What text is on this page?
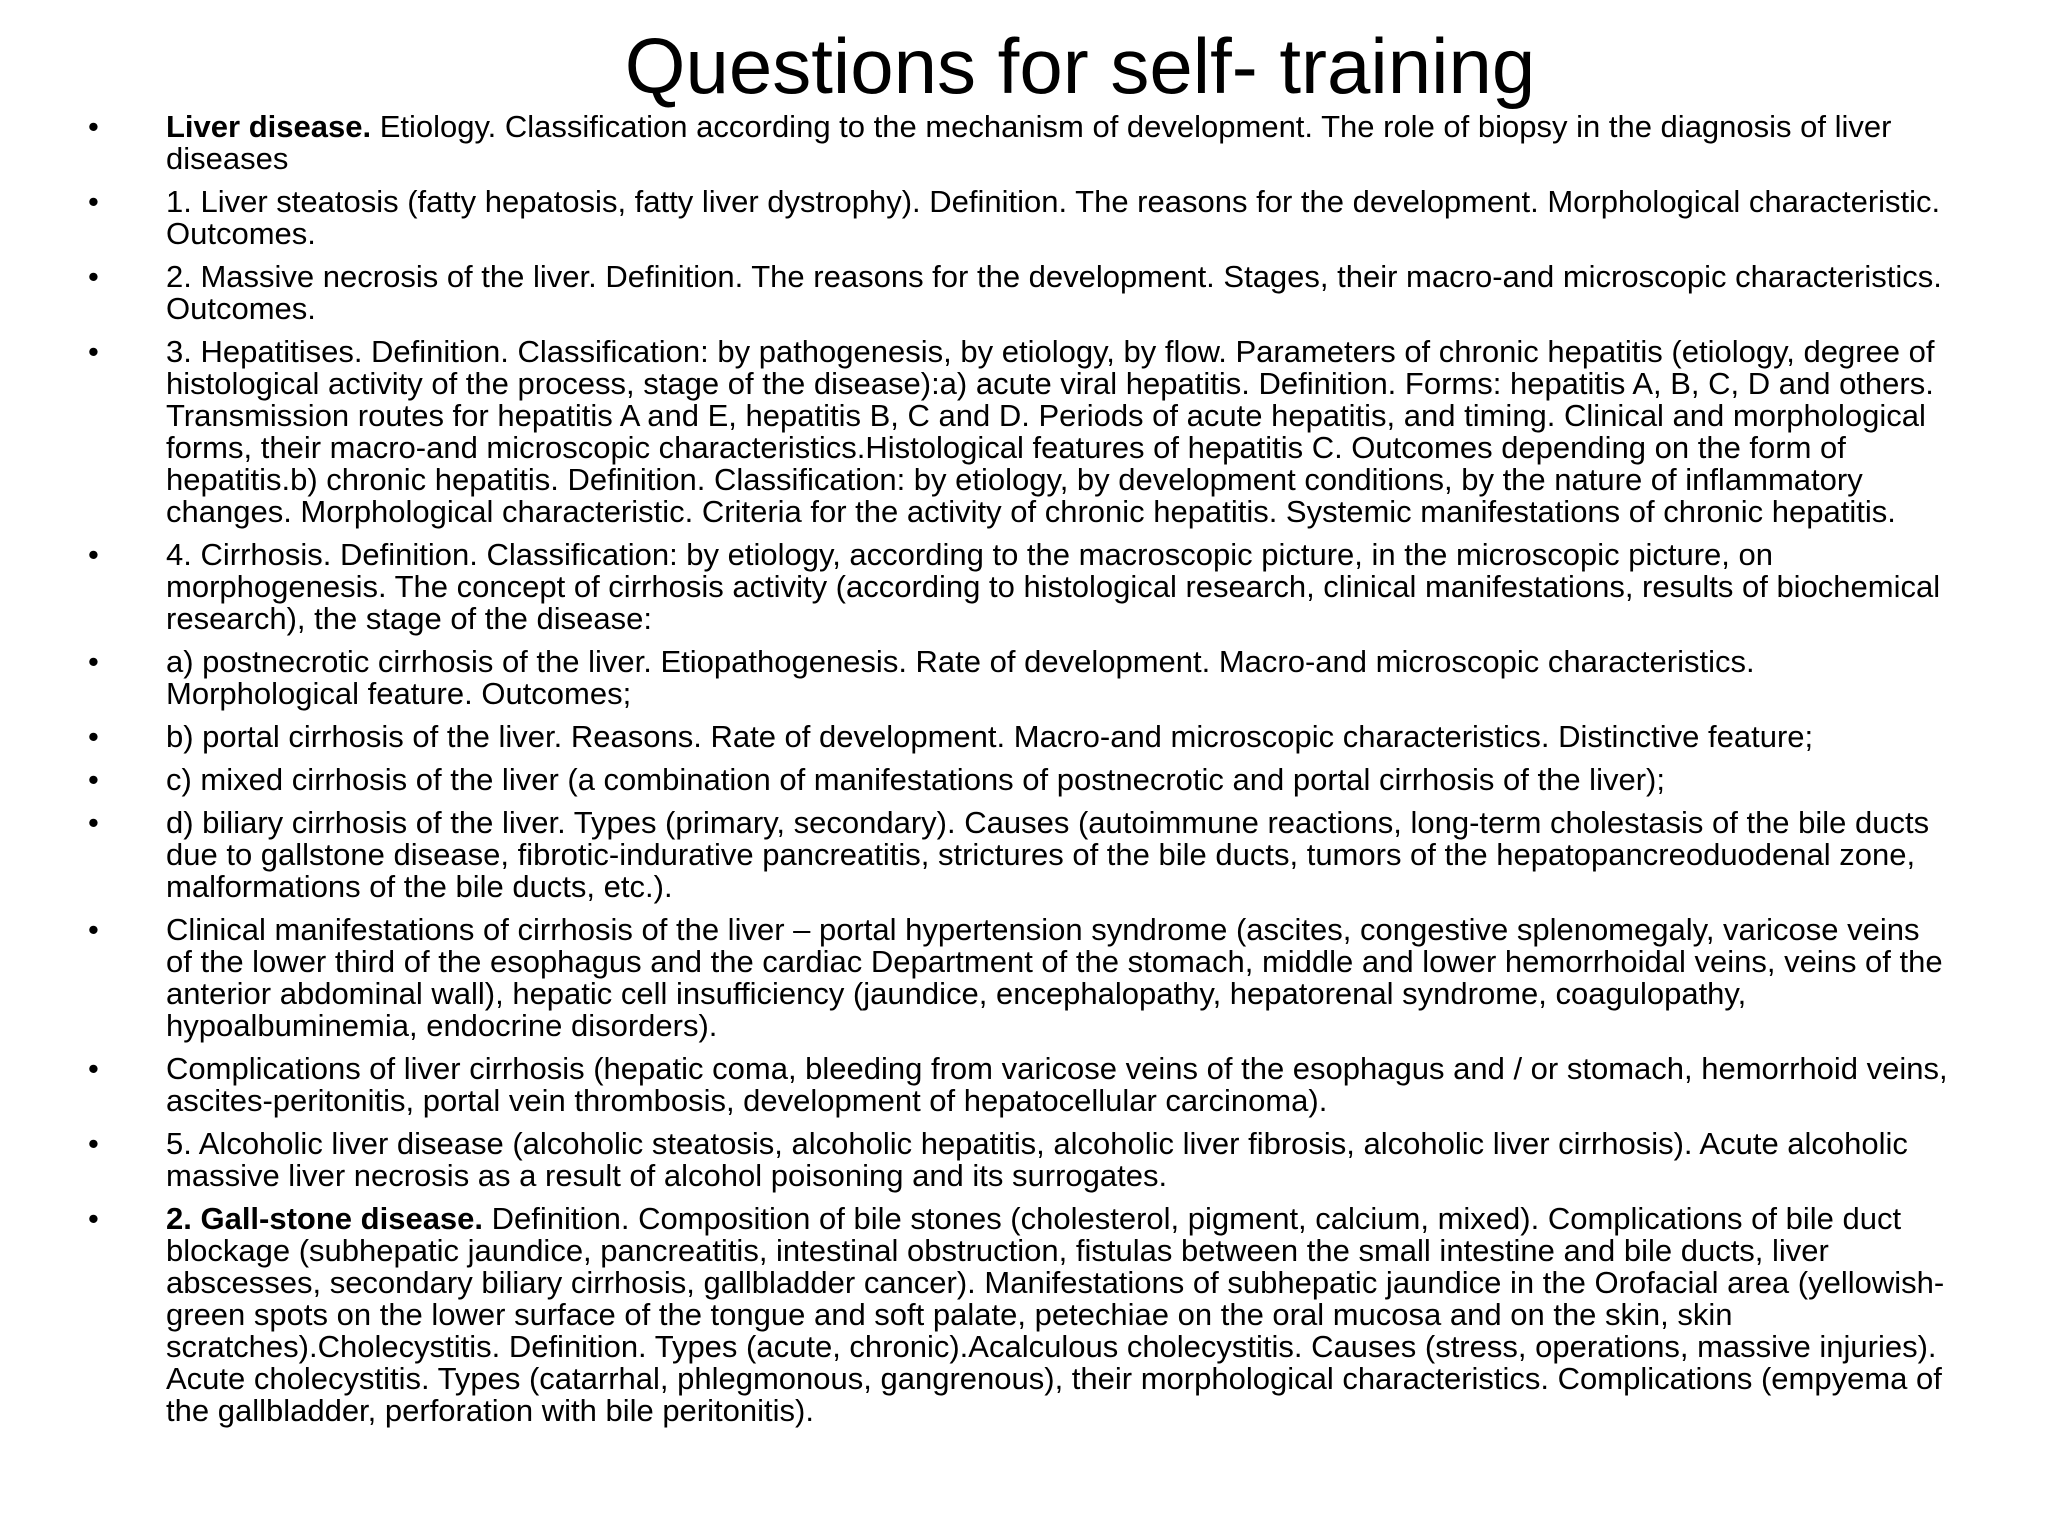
Questions for self- training
• Liver disease. Etiology. Classification according to the mechanism of development. The role of biopsy in the diagnosis of liver diseases
• 1. Liver steatosis (fatty hepatosis, fatty liver dystrophy). Definition. The reasons for the development. Morphological characteristic. Outcomes.
• 2. Massive necrosis of the liver. Definition. The reasons for the development. Stages, their macro-and microscopic characteristics. Outcomes.
• 3. Hepatitises. Definition. Classification: by pathogenesis, by etiology, by flow. Parameters of chronic hepatitis (etiology, degree of histological activity of the process, stage of the disease):a) acute viral hepatitis. Definition. Forms: hepatitis A, B, C, D and others. Transmission routes for hepatitis A and E, hepatitis B, C and D. Periods of acute hepatitis, and timing. Clinical and morphological forms, their macro-and microscopic characteristics.Histological features of hepatitis C. Outcomes depending on the form of hepatitis.b) chronic hepatitis. Definition. Classification: by etiology, by development conditions, by the nature of inflammatory changes. Morphological characteristic. Criteria for the activity of chronic hepatitis. Systemic manifestations of chronic hepatitis.
• 4. Cirrhosis. Definition. Classification: by etiology, according to the macroscopic picture, in the microscopic picture, on morphogenesis. The concept of cirrhosis activity (according to histological research, clinical manifestations, results of biochemical research), the stage of the disease:
• a) postnecrotic cirrhosis of the liver. Etiopathogenesis. Rate of development. Macro-and microscopic characteristics. Morphological feature. Outcomes;
• b) portal cirrhosis of the liver. Reasons. Rate of development. Macro-and microscopic characteristics. Distinctive feature;
• c) mixed cirrhosis of the liver (a combination of manifestations of postnecrotic and portal cirrhosis of the liver);
• d) biliary cirrhosis of the liver. Types (primary, secondary). Causes (autoimmune reactions, long-term cholestasis of the bile ducts due to gallstone disease, fibrotic-indurative pancreatitis, strictures of the bile ducts, tumors of the hepatopancreoduodenal zone, malformations of the bile ducts, etc.).
• Clinical manifestations of cirrhosis of the liver – portal hypertension syndrome (ascites, congestive splenomegaly, varicose veins of the lower third of the esophagus and the cardiac Department of the stomach, middle and lower hemorrhoidal veins, veins of the anterior abdominal wall), hepatic cell insufficiency (jaundice, encephalopathy, hepatorenal syndrome, coagulopathy, hypoalbuminemia, endocrine disorders).
• Complications of liver cirrhosis (hepatic coma, bleeding from varicose veins of the esophagus and / or stomach, hemorrhoid veins, ascites-peritonitis, portal vein thrombosis, development of hepatocellular carcinoma).
• 5. Alcoholic liver disease (alcoholic steatosis, alcoholic hepatitis, alcoholic liver fibrosis, alcoholic liver cirrhosis). Acute alcoholic massive liver necrosis as a result of alcohol poisoning and its surrogates.
• 2. Gall-stone disease. Definition. Composition of bile stones (cholesterol, pigment, calcium, mixed). Complications of bile duct blockage (subhepatic jaundice, pancreatitis, intestinal obstruction, fistulas between the small intestine and bile ducts, liver abscesses, secondary biliary cirrhosis, gallbladder cancer). Manifestations of subhepatic jaundice in the Orofacial area (yellowish-green spots on the lower surface of the tongue and soft palate, petechiae on the oral mucosa and on the skin, skin scratches).Cholecystitis. Definition. Types (acute, chronic).Acalculous cholecystitis. Causes (stress, operations, massive injuries). Acute cholecystitis. Types (catarrhal, phlegmonous, gangrenous), their morphological characteristics. Complications (empyema of the gallbladder, perforation with bile peritonitis).
